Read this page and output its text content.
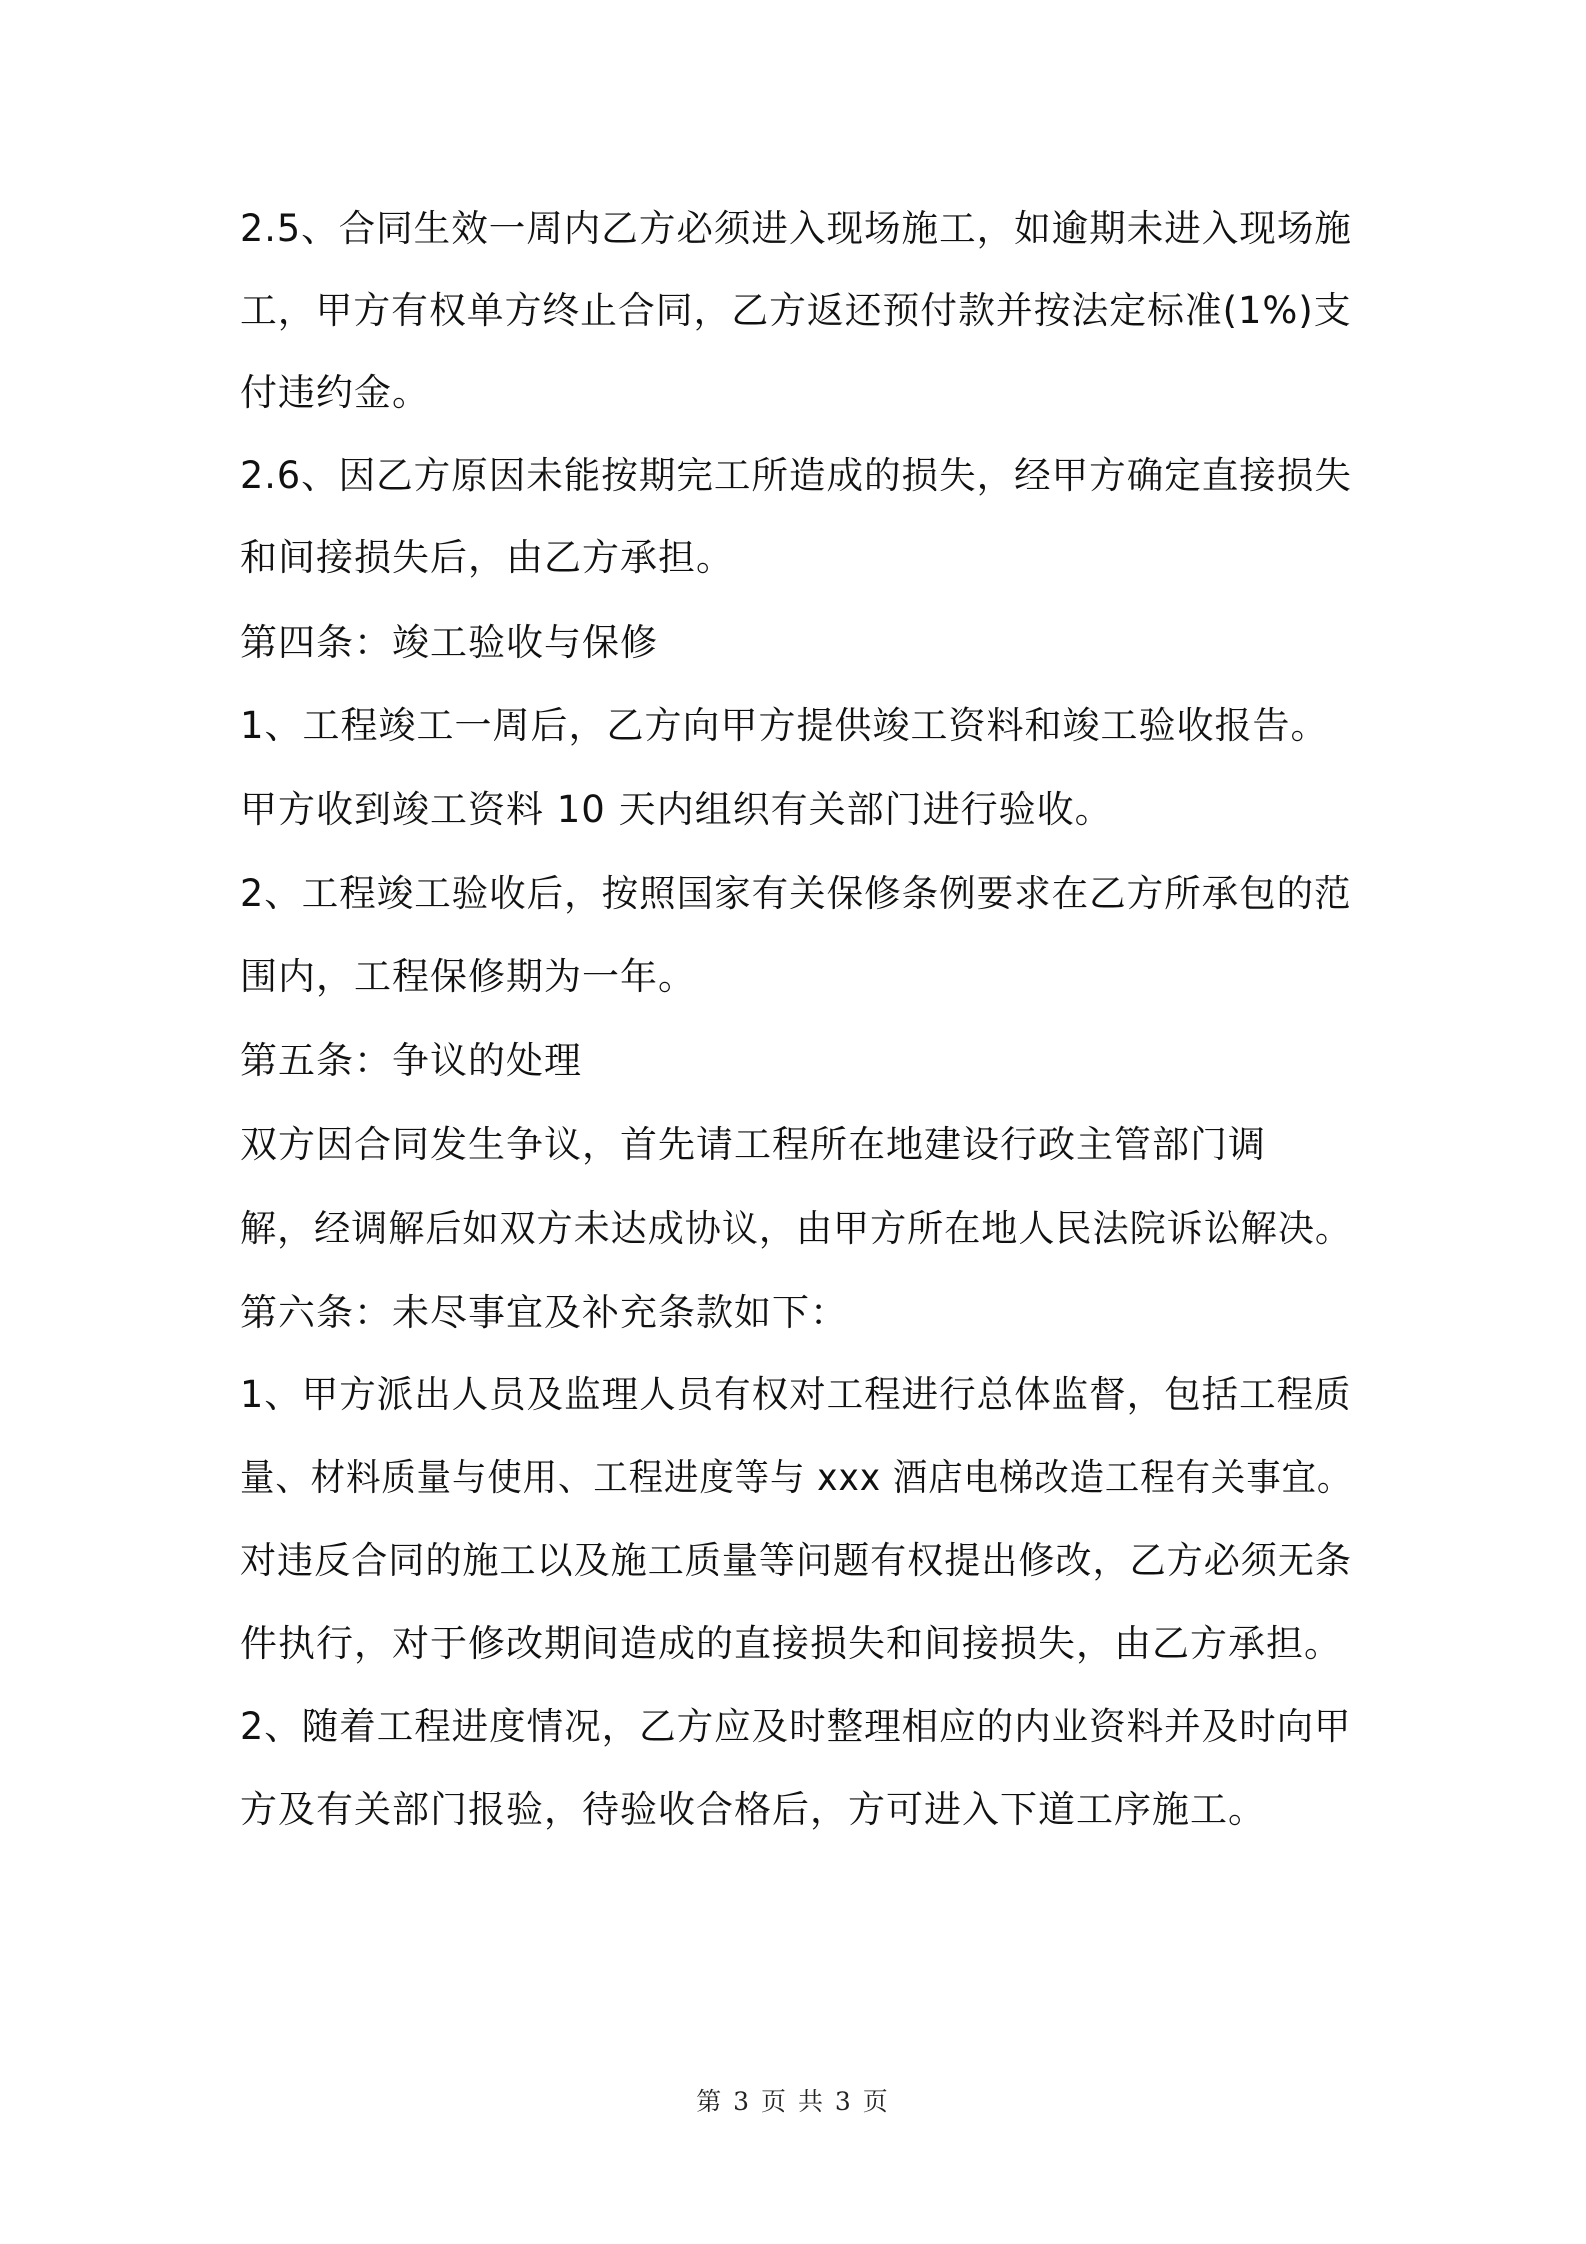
2.5、合同生效一周内乙方必须进入现场施工，如逾期未进入现场施
工，甲方有权单方终止合同，乙方返还预付款并按法定标准(1%)支
付违约金。
2.6、因乙方原因未能按期完工所造成的损失，经甲方确定直接损失
和间接损失后，由乙方承担。
第四条：竣工验收与保修
1、工程竣工一周后，乙方向甲方提供竣工资料和竣工验收报告。
甲方收到竣工资料 10 天内组织有关部门进行验收。
2、工程竣工验收后，按照国家有关保修条例要求在乙方所承包的范
围内，工程保修期为一年。
第五条：争议的处理
双方因合同发生争议，首先请工程所在地建设行政主管部门调
解，经调解后如双方未达成协议，由甲方所在地人民法院诉讼解决。
第六条：未尽事宜及补充条款如下：
1、甲方派出人员及监理人员有权对工程进行总体监督，包括工程质
量、材料质量与使用、工程进度等与 xxx 酒店电梯改造工程有关事宜。
对违反合同的施工以及施工质量等问题有权提出修改，乙方必须无条
件执行，对于修改期间造成的直接损失和间接损失，由乙方承担。
2、随着工程进度情况，乙方应及时整理相应的内业资料并及时向甲
方及有关部门报验，待验收合格后，方可进入下道工序施工。
第 3 页 共 3 页
